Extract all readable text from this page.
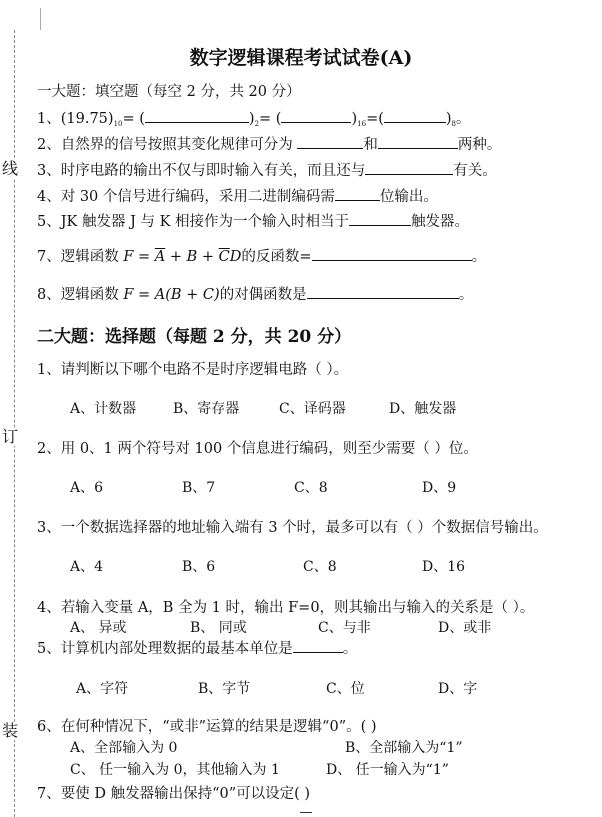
线
订
装
数字逻辑课程考试试卷(A)
一大题：填空题（每空 2 分，共 20 分）
1、$(19.75)_{10}=$ (	)$_2=$ (	)$_{16}=$(	)$_8$。
2、自然界的信号按照其变化规律可分为	和	两种。
3、时序电路的输出不仅与即时输入有关，而且还与	有关。
4、对 30 个信号进行编码，采用二进制编码需	位输出。
5、JK 触发器 J 与 K 相接作为一个输入时相当于	触发器。
7、逻辑函数 $F = \overline{A} + B + \overline{C}D$的反函数=	。
8、逻辑函数 F = A(B + C)的对偶函数是	。
二大题：选择题（每题 2 分，共 20 分）
1、请判断以下哪个电路不是时序逻辑电路（ ）。
A、计数器	B、寄存器	C、译码器	D、触发器
2、用 0、1 两个符号对 100 个信息进行编码，则至少需要（ ）位。
A、6	B、7	C、8	D、9
3、一个数据选择器的地址输入端有 3 个时，最多可以有（ ）个数据信号输出。
A、4	B、6	C、8	D、16
4、若输入变量 A，B 全为 1 时，输出 F=0，则其输出与输入的关系是（ ）。
A、 异或	B、 同或	C、与非	D、或非
5、计算机内部处理数据的最基本单位是	。
A、字符	B、字节	C、位	D、字
6、在何种情况下，“或非”运算的结果是逻辑“0”。( )
A、全部输入为 0	B、全部输入为“1”
C、 任一输入为 0，其他输入为 1	D、 任一输入为“1”
7、要使 D 触发器输出保持“0”可以设定( )
